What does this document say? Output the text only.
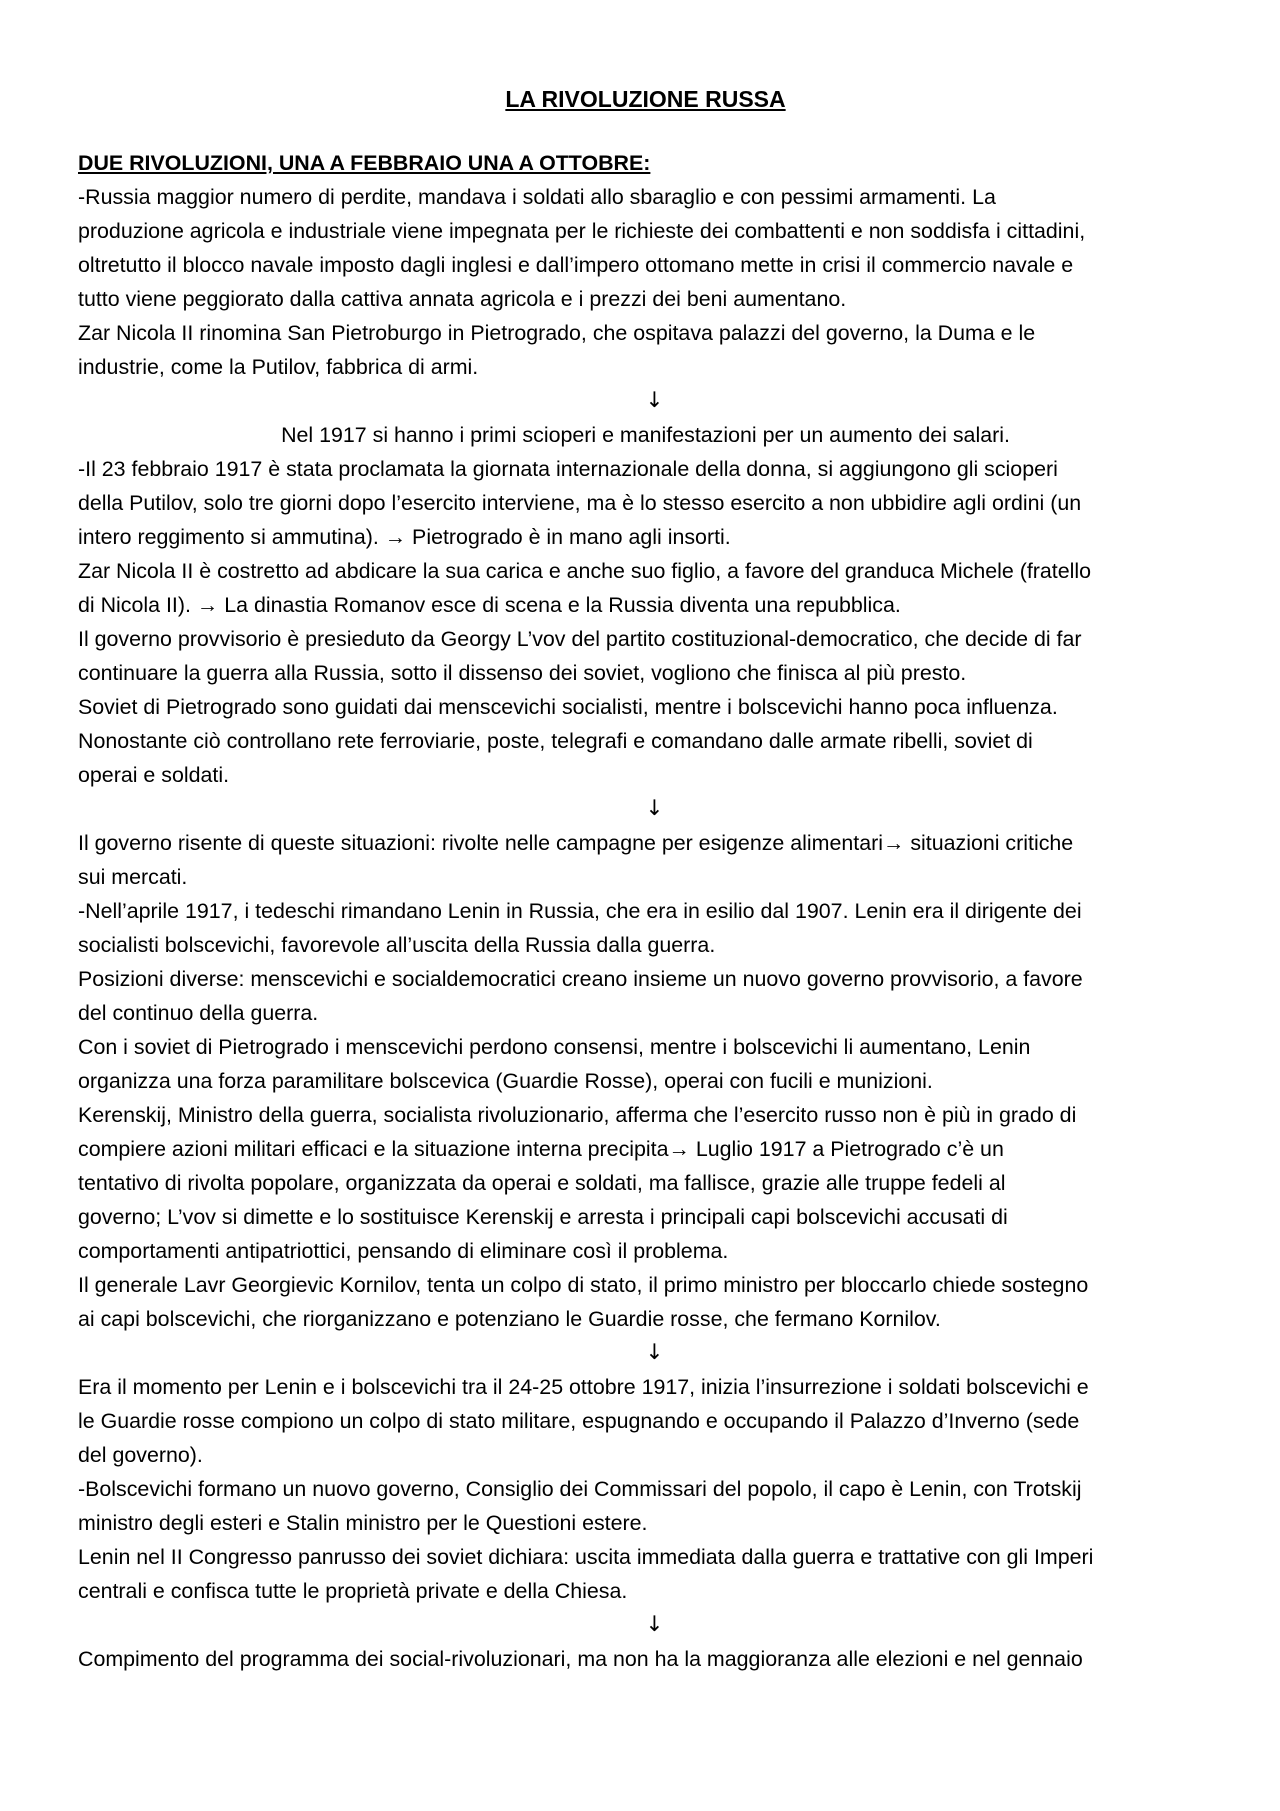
LA RIVOLUZIONE RUSSA
DUE RIVOLUZIONI, UNA A FEBBRAIO UNA A OTTOBRE:
-Russia maggior numero di perdite, mandava i soldati allo sbaraglio e con pessimi armamenti. La
produzione agricola e industriale viene impegnata per le richieste dei combattenti e non soddisfa i cittadini,
oltretutto il blocco navale imposto dagli inglesi e dall’impero ottomano mette in crisi il commercio navale e
tutto viene peggiorato dalla cattiva annata agricola e i prezzi dei beni aumentano.
Zar Nicola II rinomina San Pietroburgo in Pietrogrado, che ospitava palazzi del governo, la Duma e le
industrie, come la Putilov, fabbrica di armi.
↓
Nel 1917 si hanno i primi scioperi e manifestazioni per un aumento dei salari.
-Il 23 febbraio 1917 è stata proclamata la giornata internazionale della donna, si aggiungono gli scioperi
della Putilov, solo tre giorni dopo l’esercito interviene, ma è lo stesso esercito a non ubbidire agli ordini (un
intero reggimento si ammutina). → Pietrogrado è in mano agli insorti.
Zar Nicola II è costretto ad abdicare la sua carica e anche suo figlio, a favore del granduca Michele (fratello
di Nicola II). → La dinastia Romanov esce di scena e la Russia diventa una repubblica.
Il governo provvisorio è presieduto da Georgy L’vov del partito costituzional-democratico, che decide di far
continuare la guerra alla Russia, sotto il dissenso dei soviet, vogliono che finisca al più presto.
Soviet di Pietrogrado sono guidati dai menscevichi socialisti, mentre i bolscevichi hanno poca influenza.
Nonostante ciò controllano rete ferroviarie, poste, telegrafi e comandano dalle armate ribelli, soviet di
operai e soldati.
↓
Il governo risente di queste situazioni: rivolte nelle campagne per esigenze alimentari→ situazioni critiche
sui mercati.
-Nell’aprile 1917, i tedeschi rimandano Lenin in Russia, che era in esilio dal 1907. Lenin era il dirigente dei
socialisti bolscevichi, favorevole all’uscita della Russia dalla guerra.
Posizioni diverse: menscevichi e socialdemocratici creano insieme un nuovo governo provvisorio, a favore
del continuo della guerra.
Con i soviet di Pietrogrado i menscevichi perdono consensi, mentre i bolscevichi li aumentano, Lenin
organizza una forza paramilitare bolscevica (Guardie Rosse), operai con fucili e munizioni.
Kerenskij, Ministro della guerra, socialista rivoluzionario, afferma che l’esercito russo non è più in grado di
compiere azioni militari efficaci e la situazione interna precipita→ Luglio 1917 a Pietrogrado c’è un
tentativo di rivolta popolare, organizzata da operai e soldati, ma fallisce, grazie alle truppe fedeli al
governo; L’vov si dimette e lo sostituisce Kerenskij e arresta i principali capi bolscevichi accusati di
comportamenti antipatriottici, pensando di eliminare così il problema.
Il generale Lavr Georgievic Kornilov, tenta un colpo di stato, il primo ministro per bloccarlo chiede sostegno
ai capi bolscevichi, che riorganizzano e potenziano le Guardie rosse, che fermano Kornilov.
↓
Era il momento per Lenin e i bolscevichi tra il 24-25 ottobre 1917, inizia l’insurrezione i soldati bolscevichi e
le Guardie rosse compiono un colpo di stato militare, espugnando e occupando il Palazzo d’Inverno (sede
del governo).
-Bolscevichi formano un nuovo governo, Consiglio dei Commissari del popolo, il capo è Lenin, con Trotskij
ministro degli esteri e Stalin ministro per le Questioni estere.
Lenin nel II Congresso panrusso dei soviet dichiara: uscita immediata dalla guerra e trattative con gli Imperi
centrali e confisca tutte le proprietà private e della Chiesa.
↓
Compimento del programma dei social-rivoluzionari, ma non ha la maggioranza alle elezioni e nel gennaio
